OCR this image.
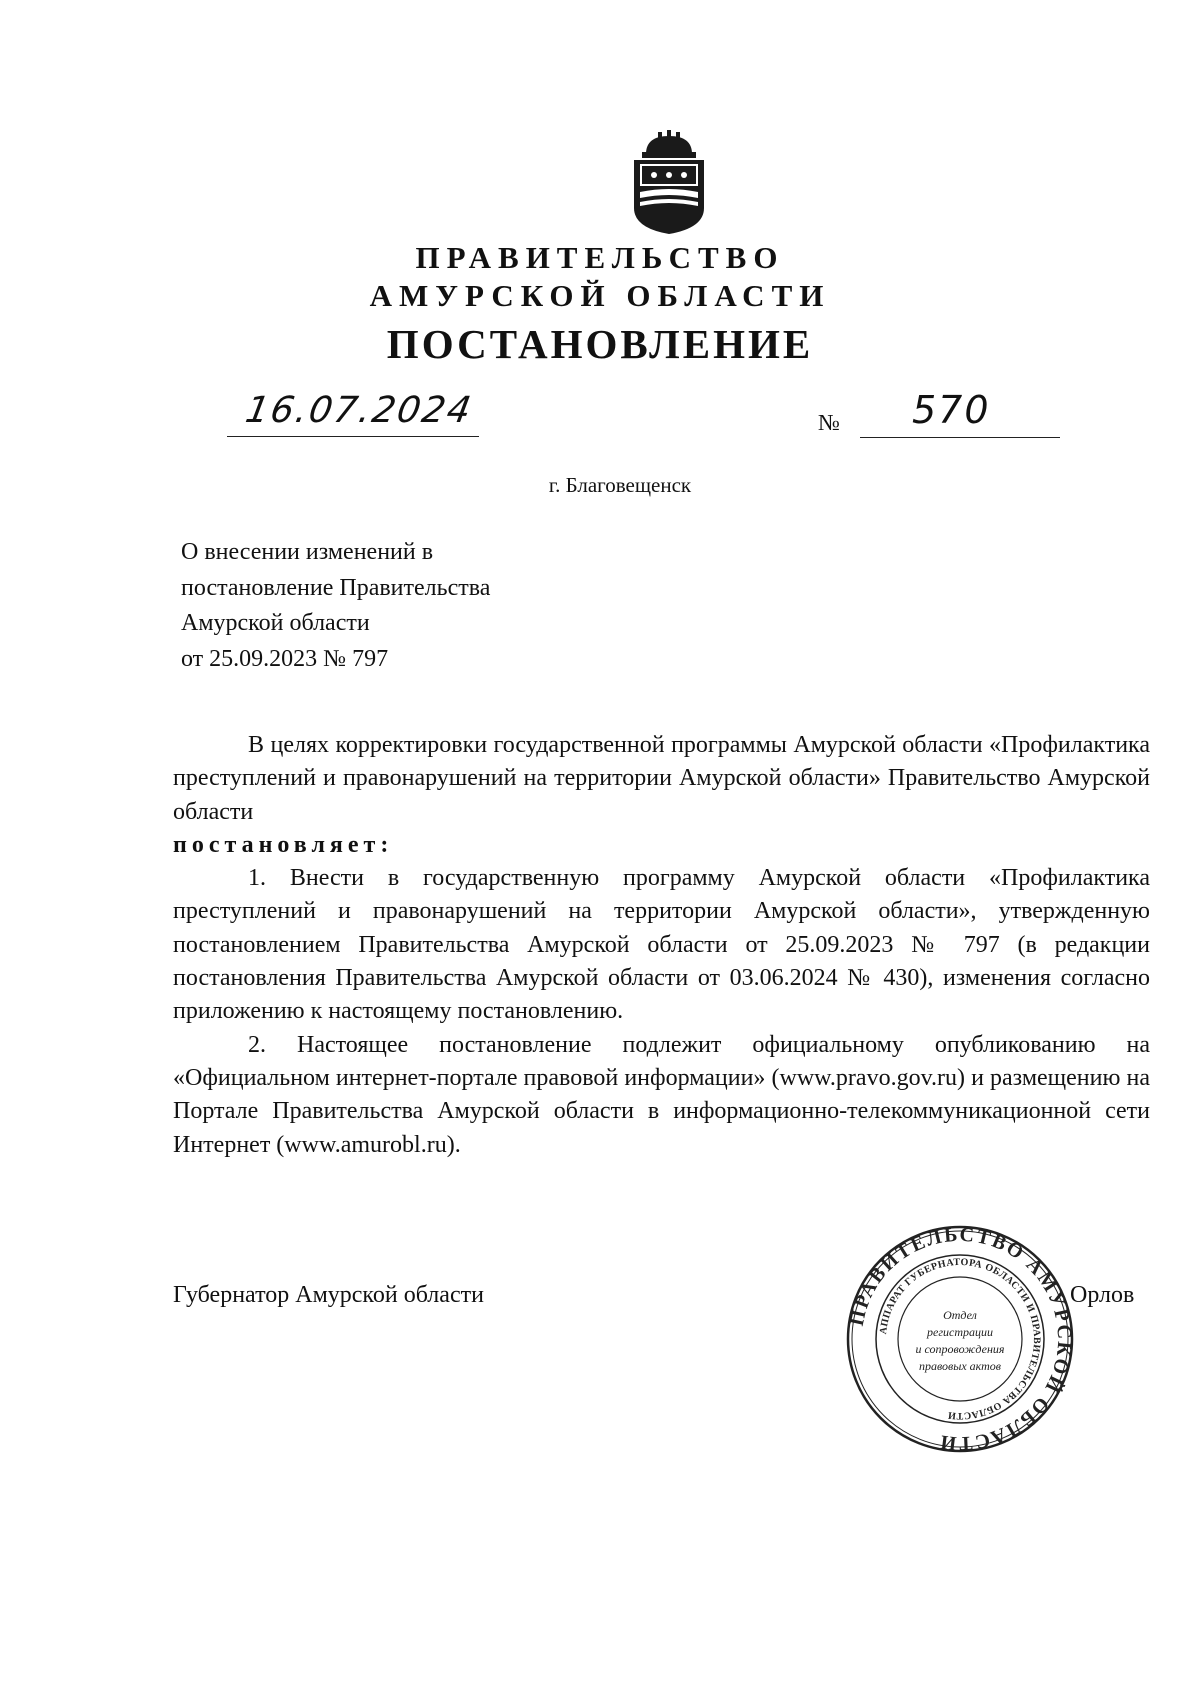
ПРАВИТЕЛЬСТВО
АМУРСКОЙ ОБЛАСТИ
ПОСТАНОВЛЕНИЕ
16.07.2024	№ 570
г. Благовещенск
О внесении изменений в
постановление Правительства
Амурской области
от 25.09.2023 № 797

В целях корректировки государственной программы Амурской области «Профилактика преступлений и правонарушений на территории Амурской области» Правительство Амурской области

постановляет:

1. Внести в государственную программу Амурской области «Профилактика преступлений и правонарушений на территории Амурской области», утвержденную постановлением Правительства Амурской области от 25.09.2023 № 797 (в редакции постановления Правительства Амурской области от 03.06.2024 № 430), изменения согласно приложению к настоящему постановлению.

2. Настоящее постановление подлежит официальному опубликованию на «Официальном интернет-портале правовой информации» (www.pravo.gov.ru) и размещению на Портале Правительства Амурской области в информационно-телекоммуникационной сети Интернет (www.amurobl.ru).

Губернатор Амурской области
ПРАВИТЕЛЬСТВО АМУРСКОЙ ОБЛАСТИ
АППАРАТ ГУБЕРНАТОРА ОБЛАСТИ И ПРАВИТЕЛЬСТВА ОБЛАСТИ
Отдел
регистрации
и сопровождения
правовых актов
Орлов
